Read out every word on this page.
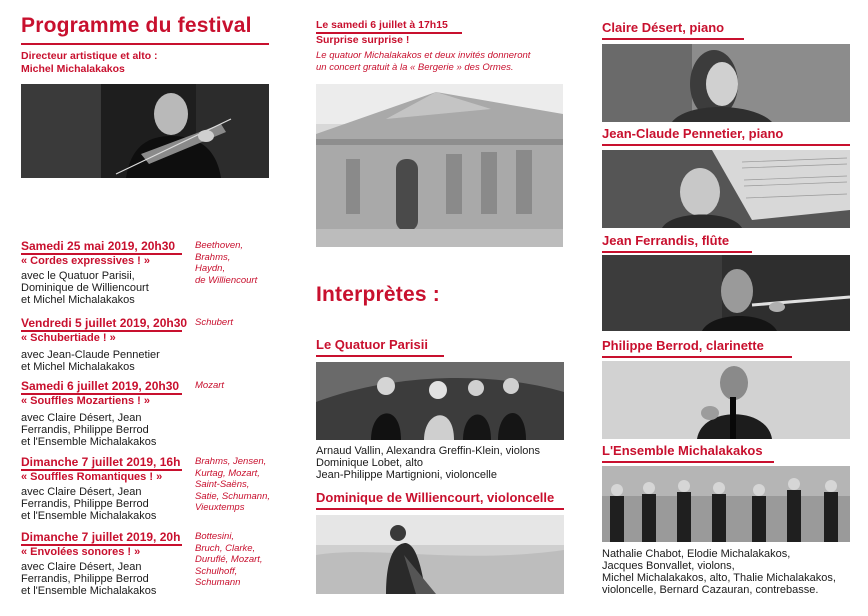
Programme du festival
Directeur artistique et alto :
Michel Michalakakos
Samedi 25 mai 2019, 20h30
« Cordes expressives ! »
avec le Quatuor Parisii,
Dominique de Williencourt
et Michel Michalakakos
Beethoven,
Brahms,
Haydn,
de Williencourt
Vendredi 5 juillet 2019, 20h30
« Schubertiade ! »
avec Jean-Claude Pennetier
et Michel Michalakakos
Schubert
Samedi 6 juillet 2019, 20h30
« Souffles Mozartiens ! »
avec Claire Désert, Jean
Ferrandis, Philippe Berrod
et l'Ensemble Michalakakos
Mozart
Dimanche 7 juillet 2019, 16h
« Souffles Romantiques ! »
avec Claire Désert, Jean
Ferrandis, Philippe Berrod
et l'Ensemble Michalakakos
Brahms, Jensen,
Kurtag, Mozart,
Saint-Saëns,
Satie, Schumann,
Vieuxtemps
Dimanche 7 juillet 2019, 20h
« Envolées sonores ! »
avec Claire Désert, Jean
Ferrandis, Philippe Berrod
et l'Ensemble Michalakakos
Bottesini,
Bruch, Clarke,
Duruflé, Mozart,
Schulhoff,
Schumann
Le samedi 6 juillet à 17h15
Surprise surprise !
Le quatuor Michalakakos et deux invités donneront
un concert gratuit à la « Bergerie » des Ormes.
Interprètes :
Le Quatuor Parisii
Arnaud Vallin, Alexandra Greffin-Klein, violons
Dominique Lobet, alto
Jean-Philippe Martignioni, violoncelle
Dominique de Williencourt, violoncelle
Claire Désert, piano
Jean-Claude Pennetier, piano
Jean Ferrandis, flûte
Philippe Berrod, clarinette
L'Ensemble Michalakakos
Nathalie Chabot, Elodie Michalakakos,
Jacques Bonvallet, violons,
Michel Michalakakos, alto, Thalie Michalakakos,
violoncelle, Bernard Cazauran, contrebasse.
